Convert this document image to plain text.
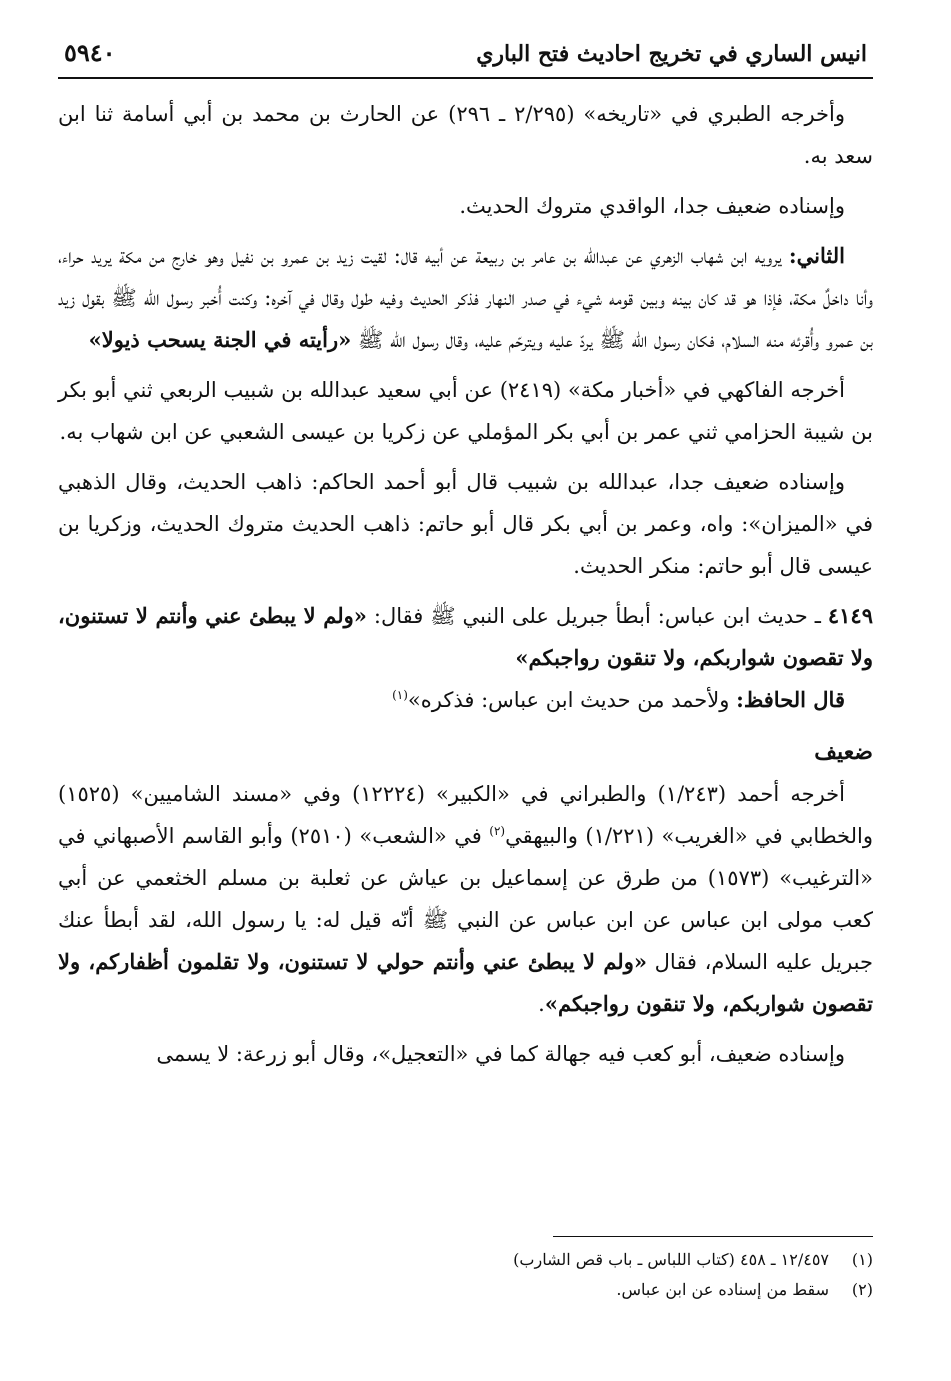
انيس الساري في تخريج احاديث فتح الباري
٥٩٤٠

وأخرجه الطبري في «تاريخه» (٢/٢٩٥ ـ ٢٩٦) عن الحارث بن محمد بن أبي أسامة ثنا ابن سعد به.

وإسناده ضعيف جدا، الواقدي متروك الحديث.

الثاني: يرويه ابن شهاب الزهري عن عبدالله بن عامر بن ربيعة عن أبيه قال: لقيت زيد بن عمرو بن نفيل وهو خارج من مكة يريد حراء، وأنا داخلٌ مكة، فإذا هو قد كان بينه وبين قومه شيء في صدر النهار فذكر الحديث وفيه طول وقال في آخره: وكنت أُخبر رسول الله ﷺ بقول زيد بن عمرو وأُقرئه منه السلام، فكان رسول الله ﷺ يردّ عليه ويترحّم عليه، وقال رسول الله ﷺ «رأيته في الجنة يسحب ذيولا»

أخرجه الفاكهي في «أخبار مكة» (٢٤١٩) عن أبي سعيد عبدالله بن شبيب الربعي ثني أبو بكر بن شيبة الحزامي ثني عمر بن أبي بكر المؤملي عن زكريا بن عيسى الشعبي عن ابن شهاب به.

وإسناده ضعيف جدا، عبدالله بن شبيب قال أبو أحمد الحاكم: ذاهب الحديث، وقال الذهبي في «الميزان»: واه، وعمر بن أبي بكر قال أبو حاتم: ذاهب الحديث متروك الحديث، وزكريا بن عيسى قال أبو حاتم: منكر الحديث.

٤١٤٩ ـ حديث ابن عباس: أبطأ جبريل على النبي ﷺ فقال: «ولم لا يبطئ عني وأنتم لا تستنون، ولا تقصون شواربكم، ولا تنقون رواجبكم»

قال الحافظ: ولأحمد من حديث ابن عباس: فذكره»$^{(١)}$

ضعيف

أخرجه أحمد (١/٢٤٣) والطبراني في «الكبير» (١٢٢٢٤) وفي «مسند الشاميين» (١٥٢٥) والخطابي في «الغريب» (١/٢٢١) والبيهقي$^{(٢)}$ في «الشعب» (٢٥١٠) وأبو القاسم الأصبهاني في «الترغيب» (١٥٧٣) من طرق عن إسماعيل بن عياش عن ثعلبة بن مسلم الخثعمي عن أبي كعب مولى ابن عباس عن ابن عباس عن النبي ﷺ أنّه قيل له: يا رسول الله، لقد أبطأ عنك جبريل عليه السلام، فقال «ولم لا يبطئ عني وأنتم حولي لا تستنون، ولا تقلمون أظفاركم، ولا تقصون شواربكم، ولا تنقون رواجبكم».

وإسناده ضعيف، أبو كعب فيه جهالة كما في «التعجيل»، وقال أبو زرعة: لا يسمى

(١)١٢/٤٥٧ ـ ٤٥٨ (كتاب اللباس ـ باب قص الشارب)
(٢)سقط من إسناده عن ابن عباس.
